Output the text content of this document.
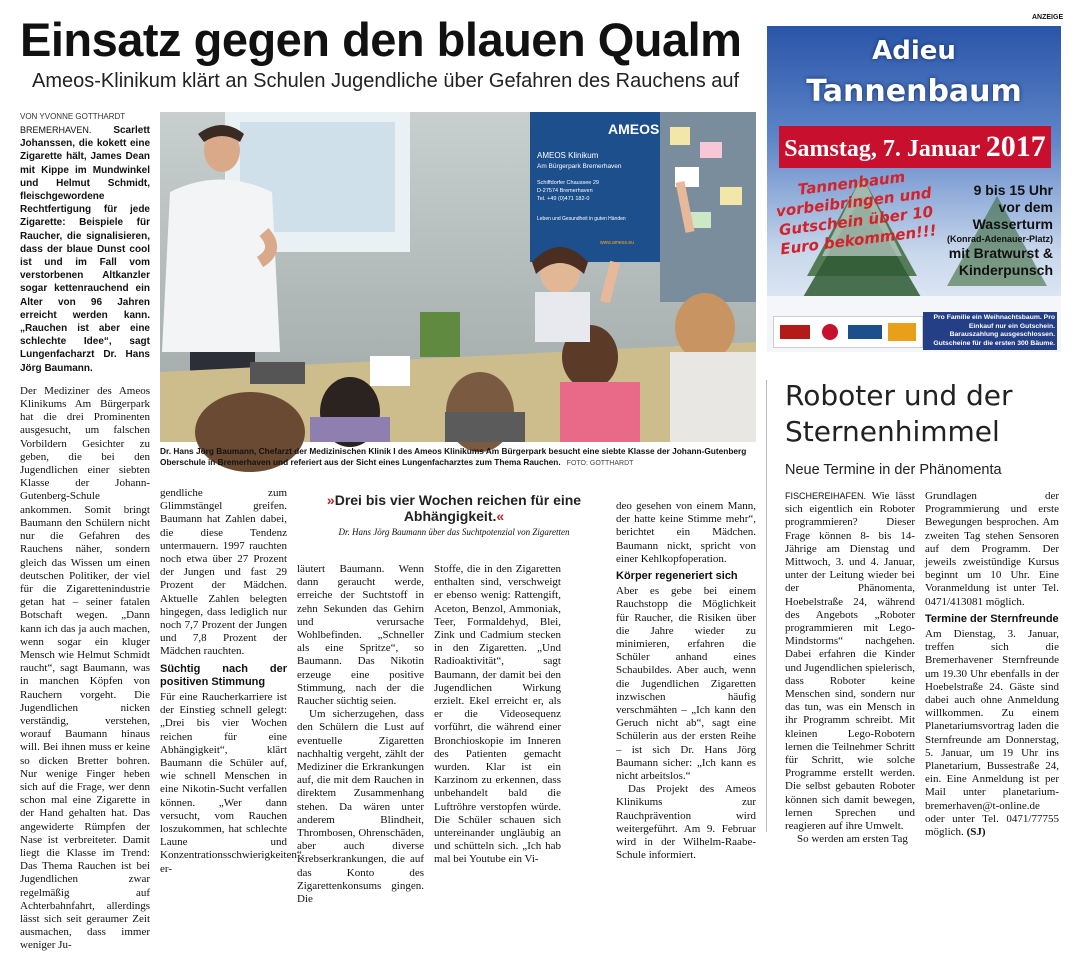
Einsatz gegen den blauen Qualm
Ameos-Klinikum klärt an Schulen Jugendliche über Gefahren des Rauchens auf
VON YVONNE GOTTHARDT

BREMERHAVEN. Scarlett Johanssen, die kokett eine Zigarette hält, James Dean mit Kippe im Mundwinkel und Helmut Schmidt, fleischgewordene Rechtfertigung für jede Zigarette: Beispiele für Raucher, die signalisieren, dass der blaue Dunst cool ist und im Fall vom verstorbenen Altkanzler sogar kettenrauchend ein Alter von 96 Jahren erreicht werden kann. „Rauchen ist aber eine schlechte Idee“, sagt Lungenfacharzt Dr. Hans Jörg Baumann.

Der Mediziner des Ameos Klinikums Am Bürgerpark hat die drei Prominenten ausgesucht, um falschen Vorbildern Gesichter zu geben, die bei den Jugendlichen einer siebten Klasse der Johann-Gutenberg-Schule ankommen. Somit bringt Baumann den Schülern nicht nur die Gefahren des Rauchens näher, sondern gleich das Wissen um einen deutschen Politiker, der viel für die Zigarettenindustrie getan hat – seiner fatalen Botschaft wegen. „Dann kann ich das ja auch machen, wenn sogar ein kluger Mensch wie Helmut Schmidt raucht“, sagt Baumann, was in manchen Köpfen von Rauchern vorgeht. Die Jugendlichen nicken verständig, verstehen, worauf Baumann hinaus will. Bei ihnen muss er keine so dicken Bretter bohren. Nur wenige Finger heben sich auf die Frage, wer denn schon mal eine Zigarette in der Hand gehalten hat. Das angewiderte Rümpfen der Nase ist verbreiteter. Damit liegt die Klasse im Trend: Das Thema Rauchen ist bei Jugendlichen zwar regelmäßig auf Achterbahnfahrt, allerdings lässt sich seit geraumer Zeit ausmachen, dass immer weniger Ju-

AMEOS
AMEOS Klinikum
Am Bürgerpark Bremerhaven
Schiffdorfer Chaussee 29
D-27574 Bremerhaven
Tel. +49 (0)471 182-0
Leben und Gesundheit in guten Händen
www.ameos.eu
Dr. Hans Jörg Baumann, Chefarzt der Medizinischen Klinik I des Ameos Klinikums Am Bürgerpark besucht eine siebte Klasse der Johann-Gutenberg Oberschule in Bremerhaven und referiert aus der Sicht eines Lungenfacharztes zum Thema Rauchen. FOTO: GOTTHARDT
»Drei bis vier Wochen reichen für eine Abhängigkeit.«
Dr. Hans Jörg Baumann über das Suchtpotenzial von Zigaretten

gendliche zum Glimmstängel greifen. Baumann hat Zahlen dabei, die diese Tendenz untermauern. 1997 rauchten noch etwa über 27 Prozent der Jungen und fast 29 Prozent der Mädchen. Aktuelle Zahlen belegten hingegen, dass lediglich nur noch 7,7 Prozent der Jungen und 7,8 Prozent der Mädchen rauchten.

Süchtig nach der positiven Stimmung

Für eine Raucherkarriere ist der Einstieg schnell gelegt: „Drei bis vier Wochen reichen für eine Abhängigkeit“, klärt Baumann die Schüler auf, wie schnell Menschen in eine Nikotin-Sucht verfallen können. „Wer dann versucht, vom Rauchen loszukommen, hat schlechte Laune und Konzentrationsschwierigkeiten“, er-

läutert Baumann. Wenn dann geraucht werde, erreiche der Suchtstoff in zehn Sekunden das Gehirn und verursache Wohlbefinden. „Schneller als eine Spritze“, so Baumann. Das Nikotin erzeuge eine positive Stimmung, nach der die Raucher süchtig seien.

Um sicherzugehen, dass den Schülern die Lust auf eventuelle Zigaretten nachhaltig vergeht, zählt der Mediziner die Erkrankungen auf, die mit dem Rauchen in direktem Zusammenhang stehen. Da wären unter anderem Blindheit, Thrombosen, Ohrenschäden, aber auch diverse Krebserkrankungen, die auf das Konto des Zigarettenkonsums gingen. Die

Stoffe, die in den Zigaretten enthalten sind, verschweigt er ebenso wenig: Rattengift, Aceton, Benzol, Ammoniak, Teer, Formaldehyd, Blei, Zink und Cadmium stecken in den Zigaretten. „Und Radioaktivität“, sagt Baumann, der damit bei den Jugendlichen Wirkung erzielt. Ekel erreicht er, als er die Videosequenz vorführt, die während einer Bronchioskopie im Inneren des Patienten gemacht wurden. Klar ist ein Karzinom zu erkennen, dass unbehandelt bald die Luftröhre verstopfen würde. Die Schüler schauen sich untereinander ungläubig an und schütteln sich. „Ich hab mal bei Youtube ein Vi-

deo gesehen von einem Mann, der hatte keine Stimme mehr“, berichtet ein Mädchen. Baumann nickt, spricht von einer Kehlkopfoperation.

Körper regeneriert sich

Aber es gebe bei einem Rauchstopp die Möglichkeit für Raucher, die Risiken über die Jahre wieder zu minimieren, erfahren die Schüler anhand eines Schaubildes. Aber auch, wenn die Jugendlichen Zigaretten inzwischen häufig verschmähten – „Ich kann den Geruch nicht ab“, sagt eine Schülerin aus der ersten Reihe – ist sich Dr. Hans Jörg Baumann sicher: „Ich kann es nicht arbeitslos.“

Das Projekt des Ameos Klinikums zur Rauchprävention wird weitergeführt. Am 9. Februar wird in der Wilhelm-Raabe-Schule informiert.

ANZEIGE
Adieu
Tannenbaum
Samstag, 7. Januar 2017
Tannenbaum vorbeibringen und Gutschein über 10 Euro bekommen!!!
9 bis 15 Uhr
vor dem
Wasserturm
(Konrad-Adenauer-Platz)
mit Bratwurst &
Kinderpunsch
Pro Familie ein Weihnachtsbaum. Pro Einkauf nur ein Gutschein. Barauszahlung ausgeschlossen. Gutscheine für die ersten 300 Bäume.
Roboter und der Sternenhimmel
Neue Termine in der Phänomenta

FISCHEREIHAFEN. Wie lässt sich eigentlich ein Roboter programmieren? Dieser Frage können 8- bis 14-Jährige am Dienstag und Mittwoch, 3. und 4. Januar, unter der Leitung wieder bei der Phänomenta, Hoebelstraße 24, während des Angebots „Roboter programmieren mit Lego-Mindstorms“ nachgehen. Dabei erfahren die Kinder und Jugendlichen spielerisch, dass Roboter keine Menschen sind, sondern nur das tun, was ein Mensch in ihr Programm schreibt. Mit kleinen Lego-Robotern lernen die Teilnehmer Schritt für Schritt, wie solche Programme erstellt werden. Die selbst gebauten Roboter können sich damit bewegen, lernen Sprechen und reagieren auf ihre Umwelt.

So werden am ersten Tag

Grundlagen der Programmierung und erste Bewegungen besprochen. Am zweiten Tag stehen Sensoren auf dem Programm. Der jeweils zweistündige Kursus beginnt um 10 Uhr. Eine Voranmeldung ist unter Tel. 0471/413081 möglich.

Termine der Sternfreunde

Am Dienstag, 3. Januar, treffen sich die Bremerhavener Sternfreunde um 19.30 Uhr ebenfalls in der Hoebelstraße 24. Gäste sind dabei auch ohne Anmeldung willkommen. Zu einem Planetariumsvortrag laden die Sternfreunde am Donnerstag, 5. Januar, um 19 Uhr ins Planetarium, Bussestraße 24, ein. Eine Anmeldung ist per Mail unter planetarium-bremerhaven@t-online.de oder unter Tel. 0471/77755 möglich. (SJ)
